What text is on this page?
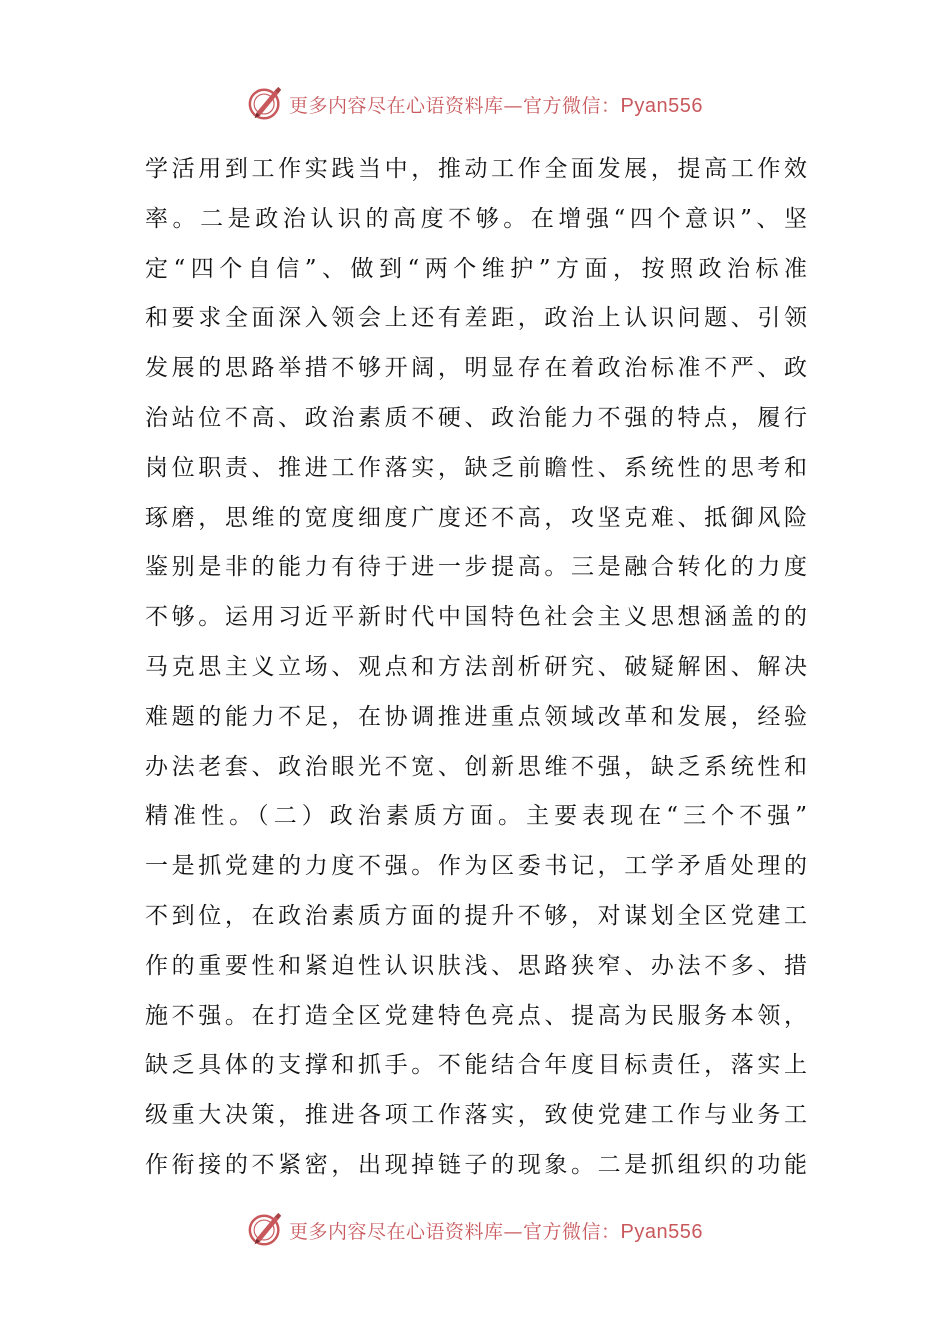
更多内容尽在心语资料库—官方微信：Pyan556
学活用到工作实践当中，推动工作全面发展，提高工作效
率。二是政治认识的高度不够。在增强“四个意识”、坚
定“四个自信”、做到“两个维护”方面，按照政治标准
和要求全面深入领会上还有差距，政治上认识问题、引领
发展的思路举措不够开阔，明显存在着政治标准不严、政
治站位不高、政治素质不硬、政治能力不强的特点，履行
岗位职责、推进工作落实，缺乏前瞻性、系统性的思考和
琢磨，思维的宽度细度广度还不高，攻坚克难、抵御风险
鉴别是非的能力有待于进一步提高。三是融合转化的力度
不够。运用习近平新时代中国特色社会主义思想涵盖的的
马克思主义立场、观点和方法剖析研究、破疑解困、解决
难题的能力不足，在协调推进重点领域改革和发展，经验
办法老套、政治眼光不宽、创新思维不强，缺乏系统性和
精准性。（二）政治素质方面。主要表现在“三个不强”
一是抓党建的力度不强。作为区委书记，工学矛盾处理的
不到位，在政治素质方面的提升不够，对谋划全区党建工
作的重要性和紧迫性认识肤浅、思路狭窄、办法不多、措
施不强。在打造全区党建特色亮点、提高为民服务本领，
缺乏具体的支撑和抓手。不能结合年度目标责任，落实上
级重大决策，推进各项工作落实，致使党建工作与业务工
作衔接的不紧密，出现掉链子的现象。二是抓组织的功能
更多内容尽在心语资料库—官方微信：Pyan556
